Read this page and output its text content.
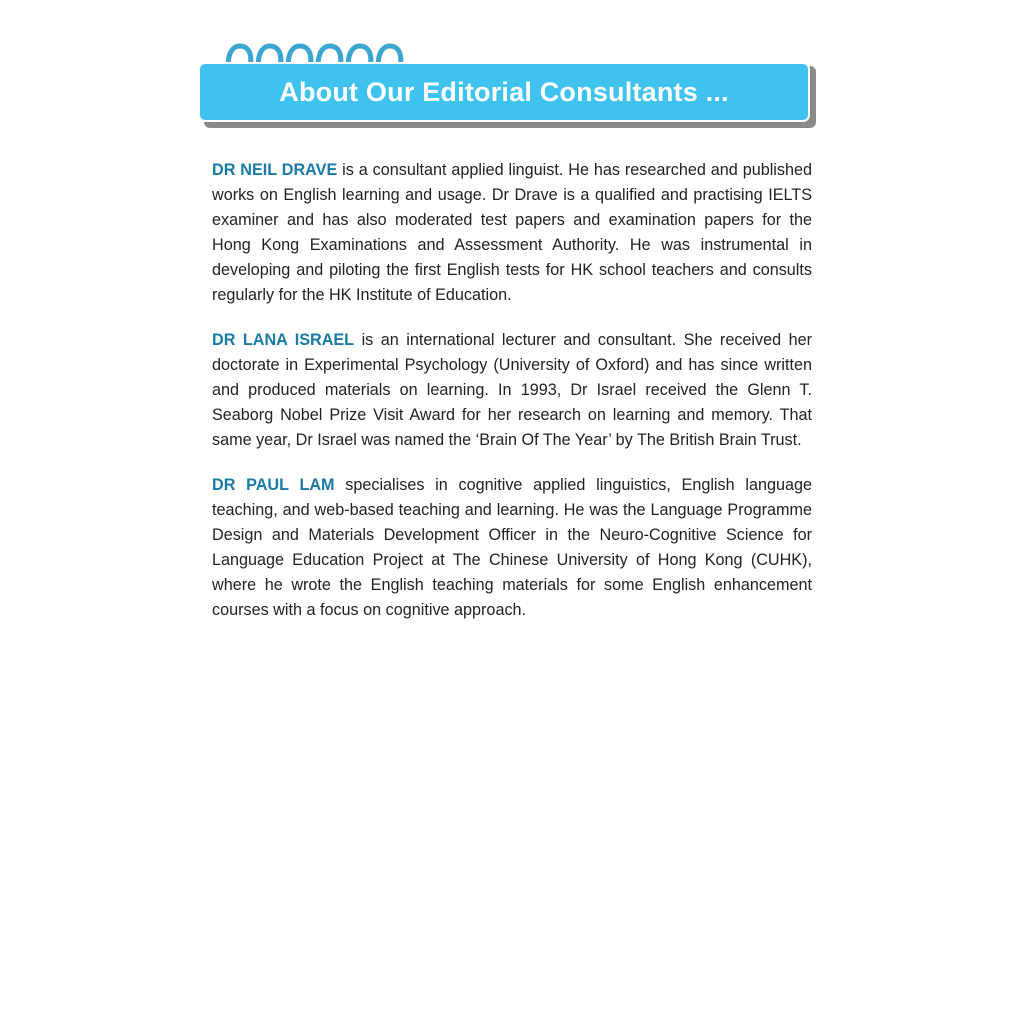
About Our Editorial Consultants ...

DR NEIL DRAVE is a consultant applied linguist. He has researched and published works on English learning and usage. Dr Drave is a qualified and practising IELTS examiner and has also moderated test papers and examination papers for the Hong Kong Examinations and Assessment Authority. He was instrumental in developing and piloting the first English tests for HK school teachers and consults regularly for the HK Institute of Education.

DR LANA ISRAEL is an international lecturer and consultant. She received her doctorate in Experimental Psychology (University of Oxford) and has since written and produced materials on learning. In 1993, Dr Israel received the Glenn T. Seaborg Nobel Prize Visit Award for her research on learning and memory. That same year, Dr Israel was named the ‘Brain Of The Year’ by The British Brain Trust.

DR PAUL LAM specialises in cognitive applied linguistics, English language teaching, and web-based teaching and learning. He was the Language Programme Design and Materials Development Officer in the Neuro-Cognitive Science for Language Education Project at The Chinese University of Hong Kong (CUHK), where he wrote the English teaching materials for some English enhancement courses with a focus on cognitive approach.
